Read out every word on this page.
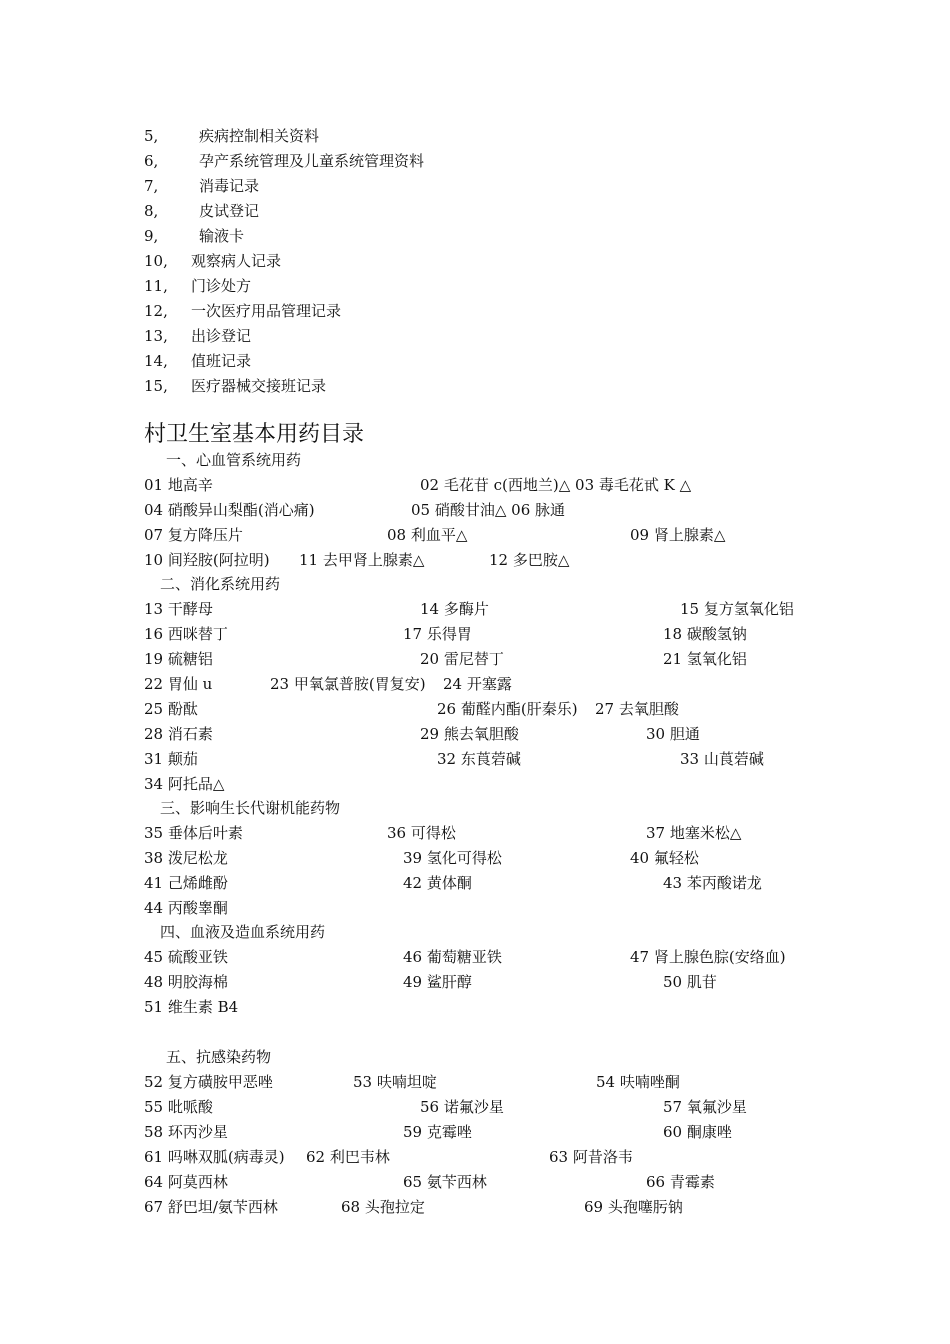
5,	疾病控制相关资料
6,	孕产系统管理及儿童系统管理资料
7,	消毒记录
8,	皮试登记
9,	输液卡
10, 观察病人记录
11, 门诊处方
12, 一次医疗用品管理记录
13, 出诊登记
14, 值班记录
15, 医疗器械交接班记录
村卫生室基本用药目录
一、心血管系统用药
01 地高辛	02 毛花苷 c(西地兰)△ 03 毒毛花甙 K △
04 硝酸异山梨酯(消心痛)	05 硝酸甘油△ 06 脉通
07 复方降压片	08 利血平△	09 肾上腺素△
10 间羟胺(阿拉明) 11 去甲肾上腺素△	12 多巴胺△
二、消化系统用药
13 干酵母	14 多酶片	15 复方氢氧化铝
16 西咪替丁	17 乐得胃	18 碳酸氢钠
19 硫糖铝	20 雷尼替丁	21 氢氧化铝
22 胃仙 u	23 甲氧氯普胺(胃复安) 24 开塞露
25 酚酞	26 葡醛内酯(肝秦乐) 27 去氧胆酸
28 消石素	29 熊去氧胆酸	30 胆通
31 颠茄	32 东莨菪碱	33 山莨菪碱
34 阿托品△
三、影响生长代谢机能药物
35 垂体后叶素	36 可得松	37 地塞米松△
38 泼尼松龙	39 氢化可得松	40 氟轻松
41 己烯雌酚	42 黄体酮	43 苯丙酸诺龙
44 丙酸睾酮
四、血液及造血系统用药
45 硫酸亚铁	46 葡萄糖亚铁	47 肾上腺色腙(安络血)
48 明胶海棉	49 鲨肝醇	50 肌苷
51 维生素 B4
五、抗感染药物
52 复方磺胺甲恶唑	53 呋喃坦啶	54 呋喃唑酮
55 吡哌酸	56 诺氟沙星	57 氧氟沙星
58 环丙沙星	59 克霉唑	60 酮康唑
61 吗啉双胍(病毒灵) 62 利巴韦林	63 阿昔洛韦
64 阿莫西林	65 氨苄西林	66 青霉素
67 舒巴坦/氨苄西林	68 头孢拉定	69 头孢噻肟钠
